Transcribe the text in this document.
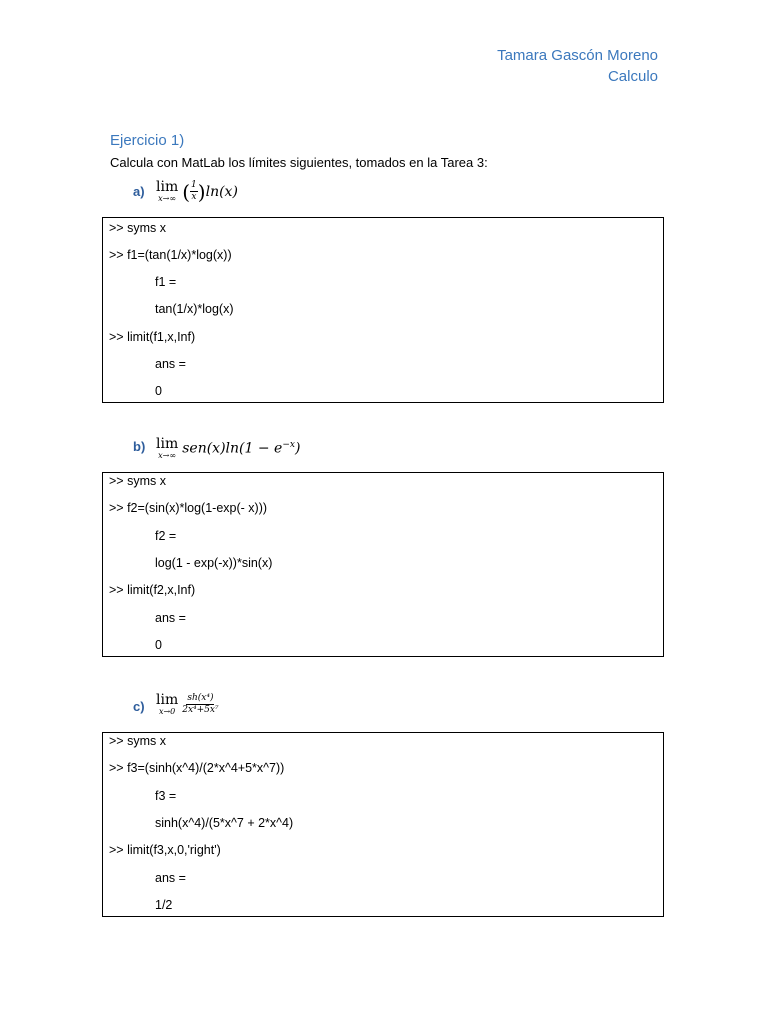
Tamara Gascón Moreno
Calculo
Ejercicio 1)
Calcula con MatLab los límites siguientes, tomados en la Tarea 3:
a) lim
x→∞ ( $\frac{1}{x}$ ) ln(x)
>> syms x
>> f1=(tan(1/x)*log(x))
f1 =
tan(1/x)*log(x)
>> limit(f1,x,Inf)
ans =
0
b) lim
x→∞ $sen(x)\ln(1 - e^{-x})$
>> syms x
>> f2=(sin(x)*log(1-exp(- x)))
f2 =
log(1 - exp(-x))*sin(x)
>> limit(f2,x,Inf)
ans =
0
c) lim
$x\to 0 \frac{\text{sh(x⁴)}}{\text{2x⁴+5x⁷}}$
>> syms x
>> f3=(sinh(x^4)/(2*x^4+5*x^7))
f3 =
sinh(x^4)/(5*x^7 + 2*x^4)
>> limit(f3,x,0,'right')
ans =
1/2
